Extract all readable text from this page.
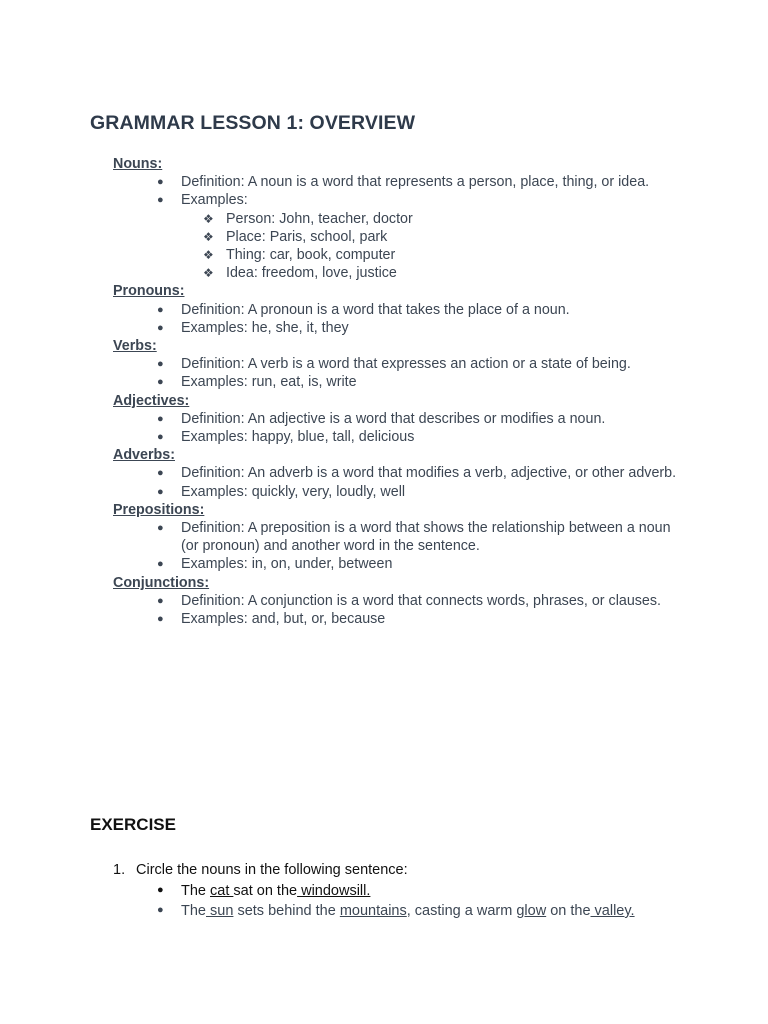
GRAMMAR LESSON 1: OVERVIEW
Nouns:
● Definition: A noun is a word that represents a person, place, thing, or idea.
● Examples:
❖ Person: John, teacher, doctor
❖ Place: Paris, school, park
❖ Thing: car, book, computer
❖ Idea: freedom, love, justice
Pronouns:
● Definition: A pronoun is a word that takes the place of a noun.
● Examples: he, she, it, they
Verbs:
● Definition: A verb is a word that expresses an action or a state of being.
● Examples: run, eat, is, write
Adjectives:
● Definition: An adjective is a word that describes or modifies a noun.
● Examples: happy, blue, tall, delicious
Adverbs:
● Definition: An adverb is a word that modifies a verb, adjective, or other adverb.
● Examples: quickly, very, loudly, well
Prepositions:
● Definition: A preposition is a word that shows the relationship between a noun (or pronoun) and another word in the sentence.
● Examples: in, on, under, between
Conjunctions:
● Definition: A conjunction is a word that connects words, phrases, or clauses.
● Examples: and, but, or, because
EXERCISE
1. Circle the nouns in the following sentence:
● The cat sat on the windowsill.
● The sun sets behind the mountains, casting a warm glow on the valley.
